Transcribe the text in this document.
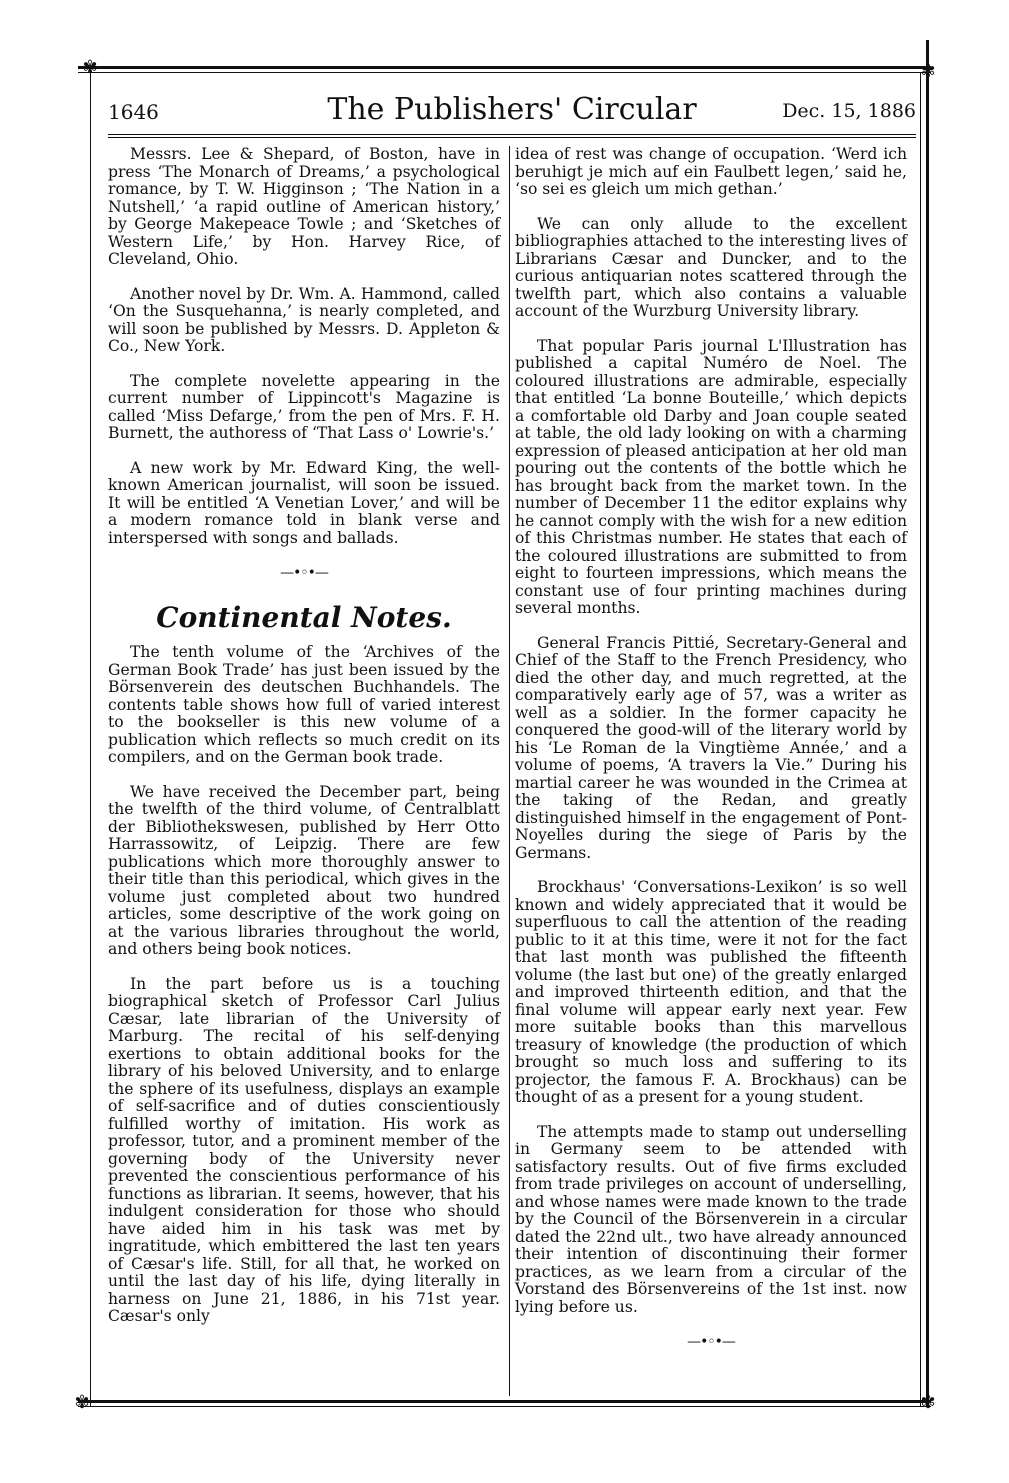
✾	✾
✾	✾
1646	The Publishers' Circular	Dec. 15, 1886

Messrs. Lee & Shepard, of Boston, have in press ‘The Monarch of Dreams,’ a psychological romance, by T. W. Higginson ; ‘The Nation in a Nutshell,’ ‘a rapid outline of American history,’ by George Makepeace Towle ; and ‘Sketches of Western Life,’ by Hon. Harvey Rice, of Cleveland, Ohio.

Another novel by Dr. Wm. A. Hammond, called ‘On the Susquehanna,’ is nearly completed, and will soon be published by Messrs. D. Appleton & Co., New York.

The complete novelette appearing in the current number of Lippincott's Magazine is called ‘Miss Defarge,’ from the pen of Mrs. F. H. Burnett, the authoress of ‘That Lass o' Lowrie's.’

A new work by Mr. Edward King, the well-known American journalist, will soon be issued. It will be entitled ‘A Venetian Lover,’ and will be a modern romance told in blank verse and interspersed with songs and ballads.

—•◦•—
Continental Notes.

The tenth volume of the ‘Archives of the German Book Trade’ has just been issued by the Börsenverein des deutschen Buchhandels. The contents table shows how full of varied interest to the bookseller is this new volume of a publication which reflects so much credit on its compilers, and on the German book trade.

We have received the December part, being the twelfth of the third volume, of Centralblatt der Bibliothekswesen, published by Herr Otto Harrassowitz, of Leipzig. There are few publications which more thoroughly answer to their title than this periodical, which gives in the volume just completed about two hundred articles, some descriptive of the work going on at the various libraries throughout the world, and others being book notices.

In the part before us is a touching biographical sketch of Professor Carl Julius Cæsar, late librarian of the University of Marburg. The recital of his self-denying exertions to obtain additional books for the library of his beloved University, and to enlarge the sphere of its usefulness, displays an example of self-sacrifice and of duties conscientiously fulfilled worthy of imitation. His work as professor, tutor, and a prominent member of the governing body of the University never prevented the conscientious performance of his functions as librarian. It seems, however, that his indulgent consideration for those who should have aided him in his task was met by ingratitude, which embittered the last ten years of Cæsar's life. Still, for all that, he worked on until the last day of his life, dying literally in harness on June 21, 1886, in his 71st year. Cæsar's only

idea of rest was change of occupation. ‘Werd ich beruhigt je mich auf ein Faulbett legen,’ said he, ‘so sei es gleich um mich gethan.’

We can only allude to the excellent bibliographies attached to the interesting lives of Librarians Cæsar and Duncker, and to the curious antiquarian notes scattered through the twelfth part, which also contains a valuable account of the Wurzburg University library.

That popular Paris journal L'Illustration has published a capital Numéro de Noel. The coloured illustrations are admirable, especially that entitled ‘La bonne Bouteille,’ which depicts a comfortable old Darby and Joan couple seated at table, the old lady looking on with a charming expression of pleased anticipation at her old man pouring out the contents of the bottle which he has brought back from the market town. In the number of December 11 the editor explains why he cannot comply with the wish for a new edition of this Christmas number. He states that each of the coloured illustrations are submitted to from eight to fourteen impressions, which means the constant use of four printing machines during several months.

General Francis Pittié, Secretary-General and Chief of the Staff to the French Presidency, who died the other day, and much regretted, at the comparatively early age of 57, was a writer as well as a soldier. In the former capacity he conquered the good-will of the literary world by his ‘Le Roman de la Vingtième Année,’ and a volume of poems, ‘A travers la Vie.” During his martial career he was wounded in the Crimea at the taking of the Redan, and greatly distinguished himself in the engagement of Pont-Noyelles during the siege of Paris by the Germans.

Brockhaus' ‘Conversations-Lexikon’ is so well known and widely appreciated that it would be superfluous to call the attention of the reading public to it at this time, were it not for the fact that last month was published the fifteenth volume (the last but one) of the greatly enlarged and improved thirteenth edition, and that the final volume will appear early next year. Few more suitable books than this marvellous treasury of knowledge (the production of which brought so much loss and suffering to its projector, the famous F. A. Brockhaus) can be thought of as a present for a young student.

The attempts made to stamp out underselling in Germany seem to be attended with satisfactory results. Out of five firms excluded from trade privileges on account of underselling, and whose names were made known to the trade by the Council of the Börsenverein in a circular dated the 22nd ult., two have already announced their intention of discontinuing their former practices, as we learn from a circular of the Vorstand des Börsenvereins of the 1st inst. now lying before us.

—•◦•—
